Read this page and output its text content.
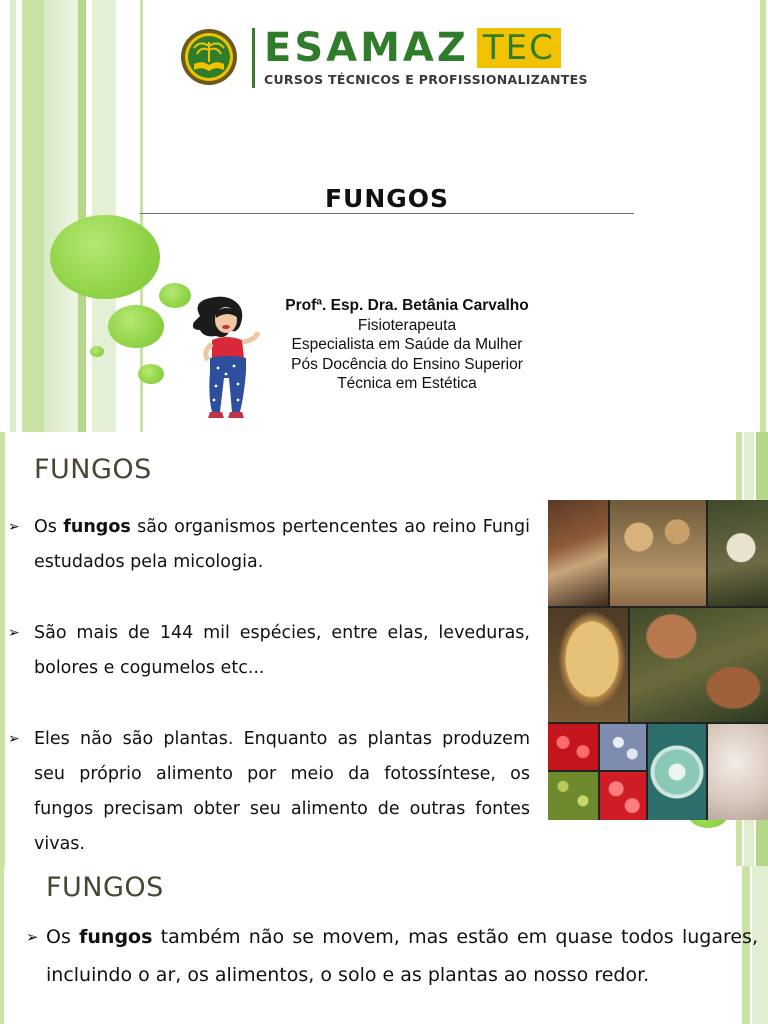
ESAMAZ TEC
CURSOS TÉCNICOS E PROFISSIONALIZANTES
FUNGOS
Profª. Esp. Dra. Betânia Carvalho
Fisioterapeuta
Especialista em Saúde da Mulher
Pós Docência do Ensino Superior
Técnica em Estética
FUNGOS
➢ Os fungos são organismos pertencentes ao reino Fungi estudados pela micologia.
➢ São mais de 144 mil espécies, entre elas, leveduras, bolores e cogumelos etc...
➢ Eles não são plantas. Enquanto as plantas produzem seu próprio alimento por meio da fotossíntese, os fungos precisam obter seu alimento de outras fontes vivas.
FUNGOS
➢ Os fungos também não se movem, mas estão em quase todos lugares, incluindo o ar, os alimentos, o solo e as plantas ao nosso redor.
